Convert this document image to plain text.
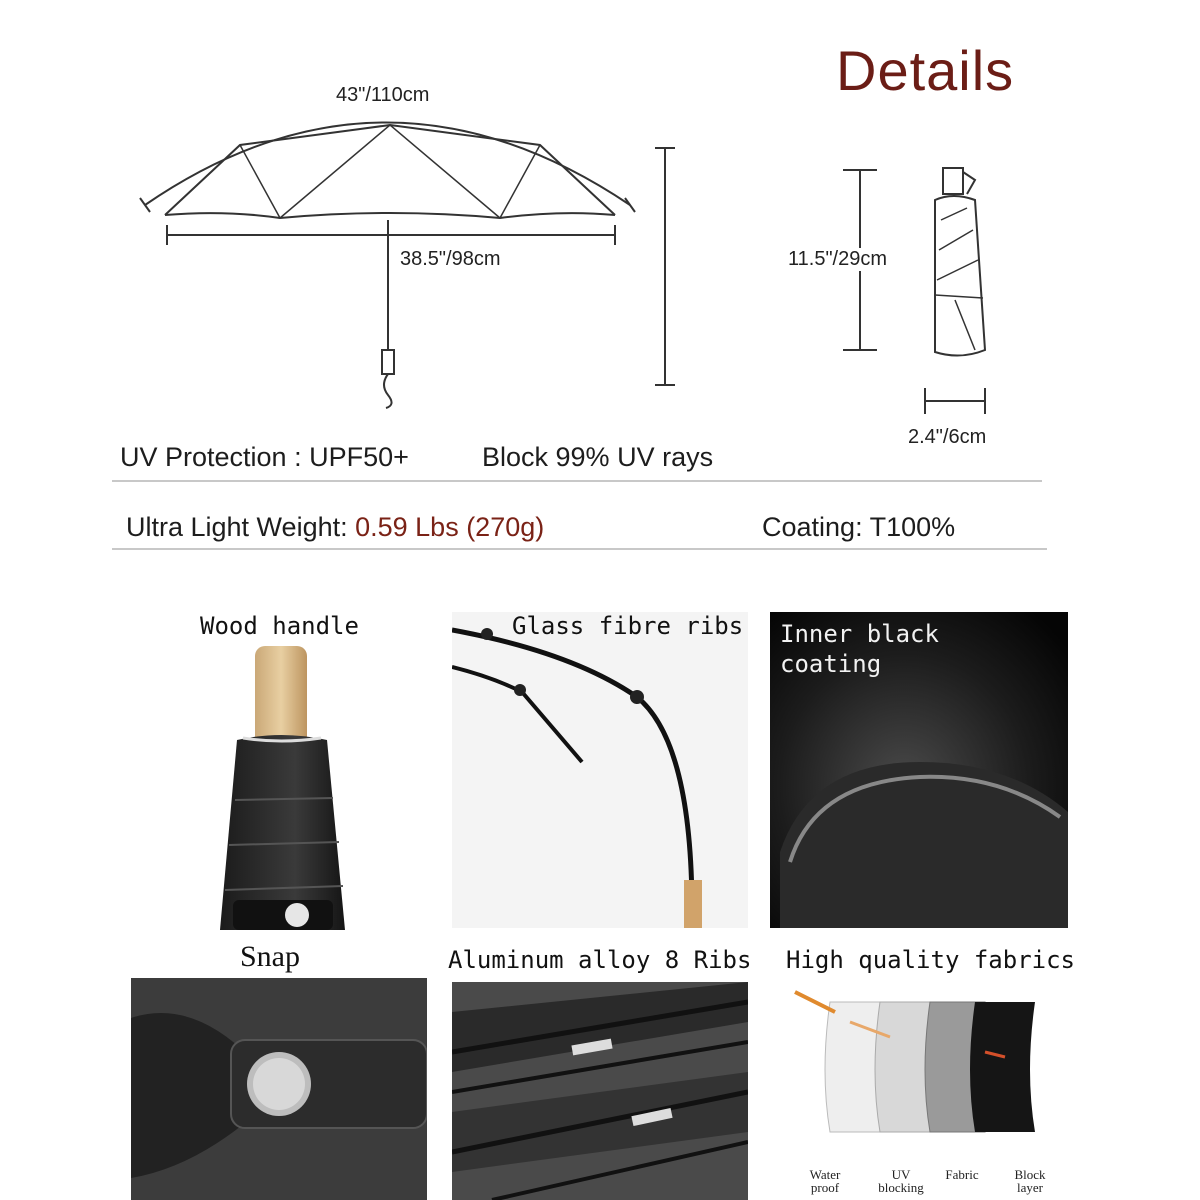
Details
43"/110cm
38.5"/98cm	11.5"/29cm
2.4"/6cm
UV Protection : UPF50+	Block 99% UV rays
Ultra Light Weight: 0.59 Lbs (270g)	Coating: T100%
Wood handle	Glass fibre ribs Inner black
coating
Snap	Aluminum alloy 8 Ribs High quality fabrics
Water
proof
UV
blocking
Fabric	Block
layer
